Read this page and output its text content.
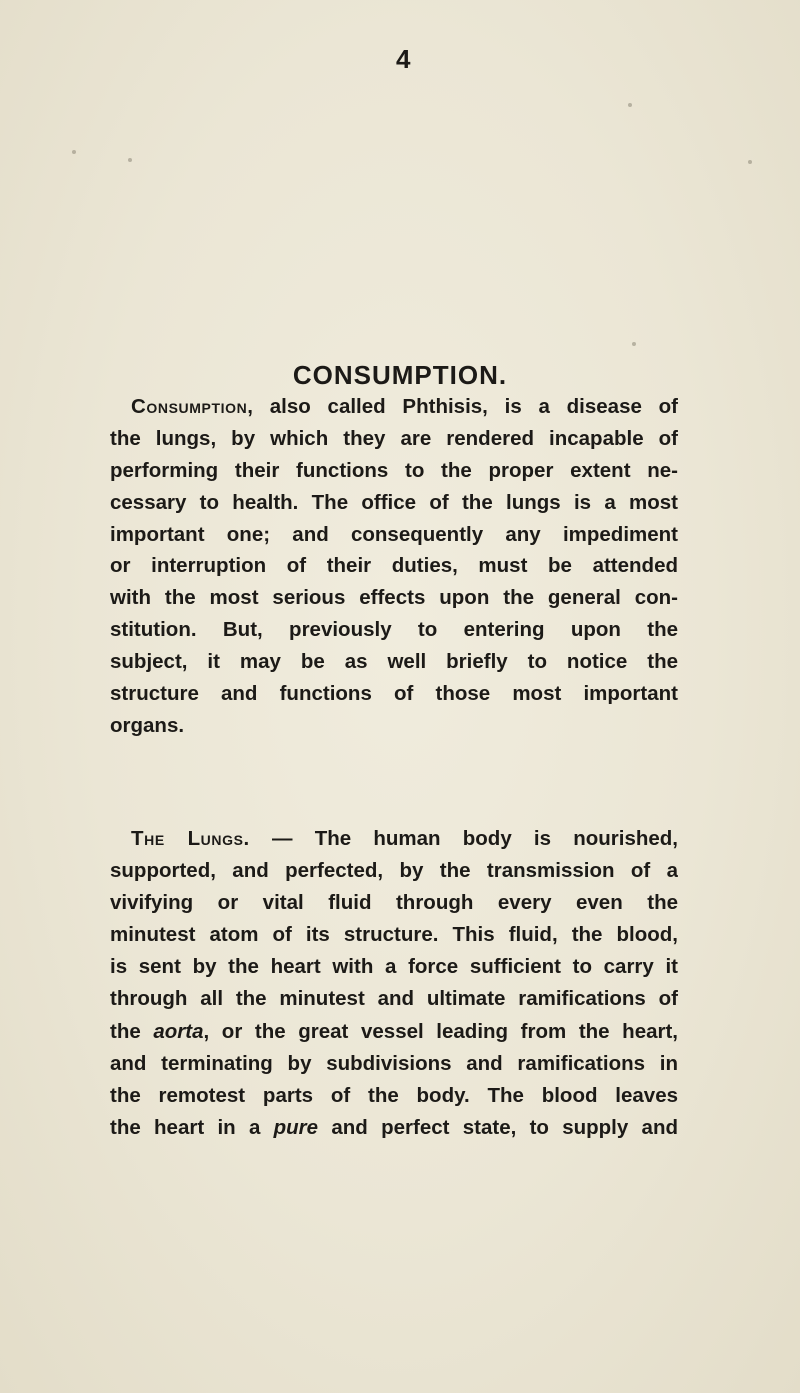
4
CONSUMPTION.
Consumption, also called Phthisis, is a disease of
the lungs, by which they are rendered incapable of
performing their functions to the proper extent ne-
cessary to health. The office of the lungs is a most
important one; and consequently any impediment
or interruption of their duties, must be attended
with the most serious effects upon the general con-
stitution. But, previously to entering upon the
subject, it may be as well briefly to notice the
structure and functions of those most important
organs.
The Lungs. — The human body is nourished,
supported, and perfected, by the transmission of a
vivifying or vital fluid through every even the
minutest atom of its structure. This fluid, the blood,
is sent by the heart with a force sufficient to carry it
through all the minutest and ultimate ramifications of
the aorta, or the great vessel leading from the heart,
and terminating by subdivisions and ramifications in
the remotest parts of the body. The blood leaves
the heart in a pure and perfect state, to supply and
